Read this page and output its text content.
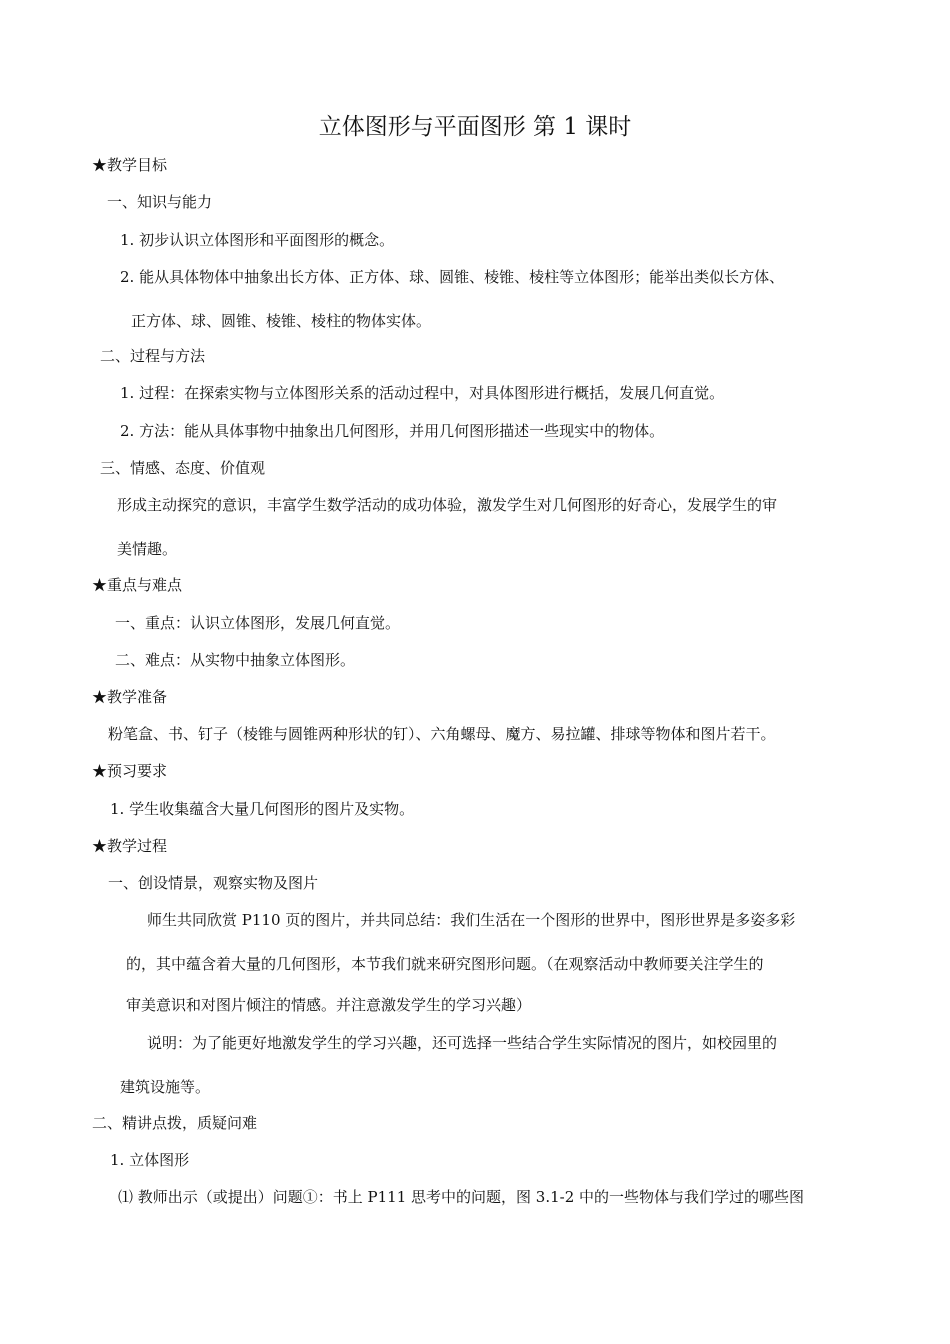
立体图形与平面图形 第 1 课时
★教学目标
一、知识与能力
1. 初步认识立体图形和平面图形的概念。
2. 能从具体物体中抽象出长方体、正方体、球、圆锥、棱锥、棱柱等立体图形；能举出类似长方体、
正方体、球、圆锥、棱锥、棱柱的物体实体。
二、过程与方法
1. 过程：在探索实物与立体图形关系的活动过程中，对具体图形进行概括，发展几何直觉。
2. 方法：能从具体事物中抽象出几何图形，并用几何图形描述一些现实中的物体。
三、情感、态度、价值观
形成主动探究的意识，丰富学生数学活动的成功体验，激发学生对几何图形的好奇心，发展学生的审
美情趣。
★重点与难点
一、重点：认识立体图形，发展几何直觉。
二、难点：从实物中抽象立体图形。
★教学准备
粉笔盒、书、钉子（棱锥与圆锥两种形状的钉）、六角螺母、魔方、易拉罐、排球等物体和图片若干。
★预习要求
1. 学生收集蕴含大量几何图形的图片及实物。
★教学过程
一、创设情景，观察实物及图片
师生共同欣赏 P110 页的图片，并共同总结：我们生活在一个图形的世界中，图形世界是多姿多彩
的，其中蕴含着大量的几何图形，本节我们就来研究图形问题。（在观察活动中教师要关注学生的
审美意识和对图片倾注的情感。并注意激发学生的学习兴趣）
说明：为了能更好地激发学生的学习兴趣，还可选择一些结合学生实际情况的图片，如校园里的
建筑设施等。
二、精讲点拨，质疑问难
1. 立体图形
⑴ 教师出示（或提出）问题①：书上 P111 思考中的问题，图 3.1-2 中的一些物体与我们学过的哪些图
